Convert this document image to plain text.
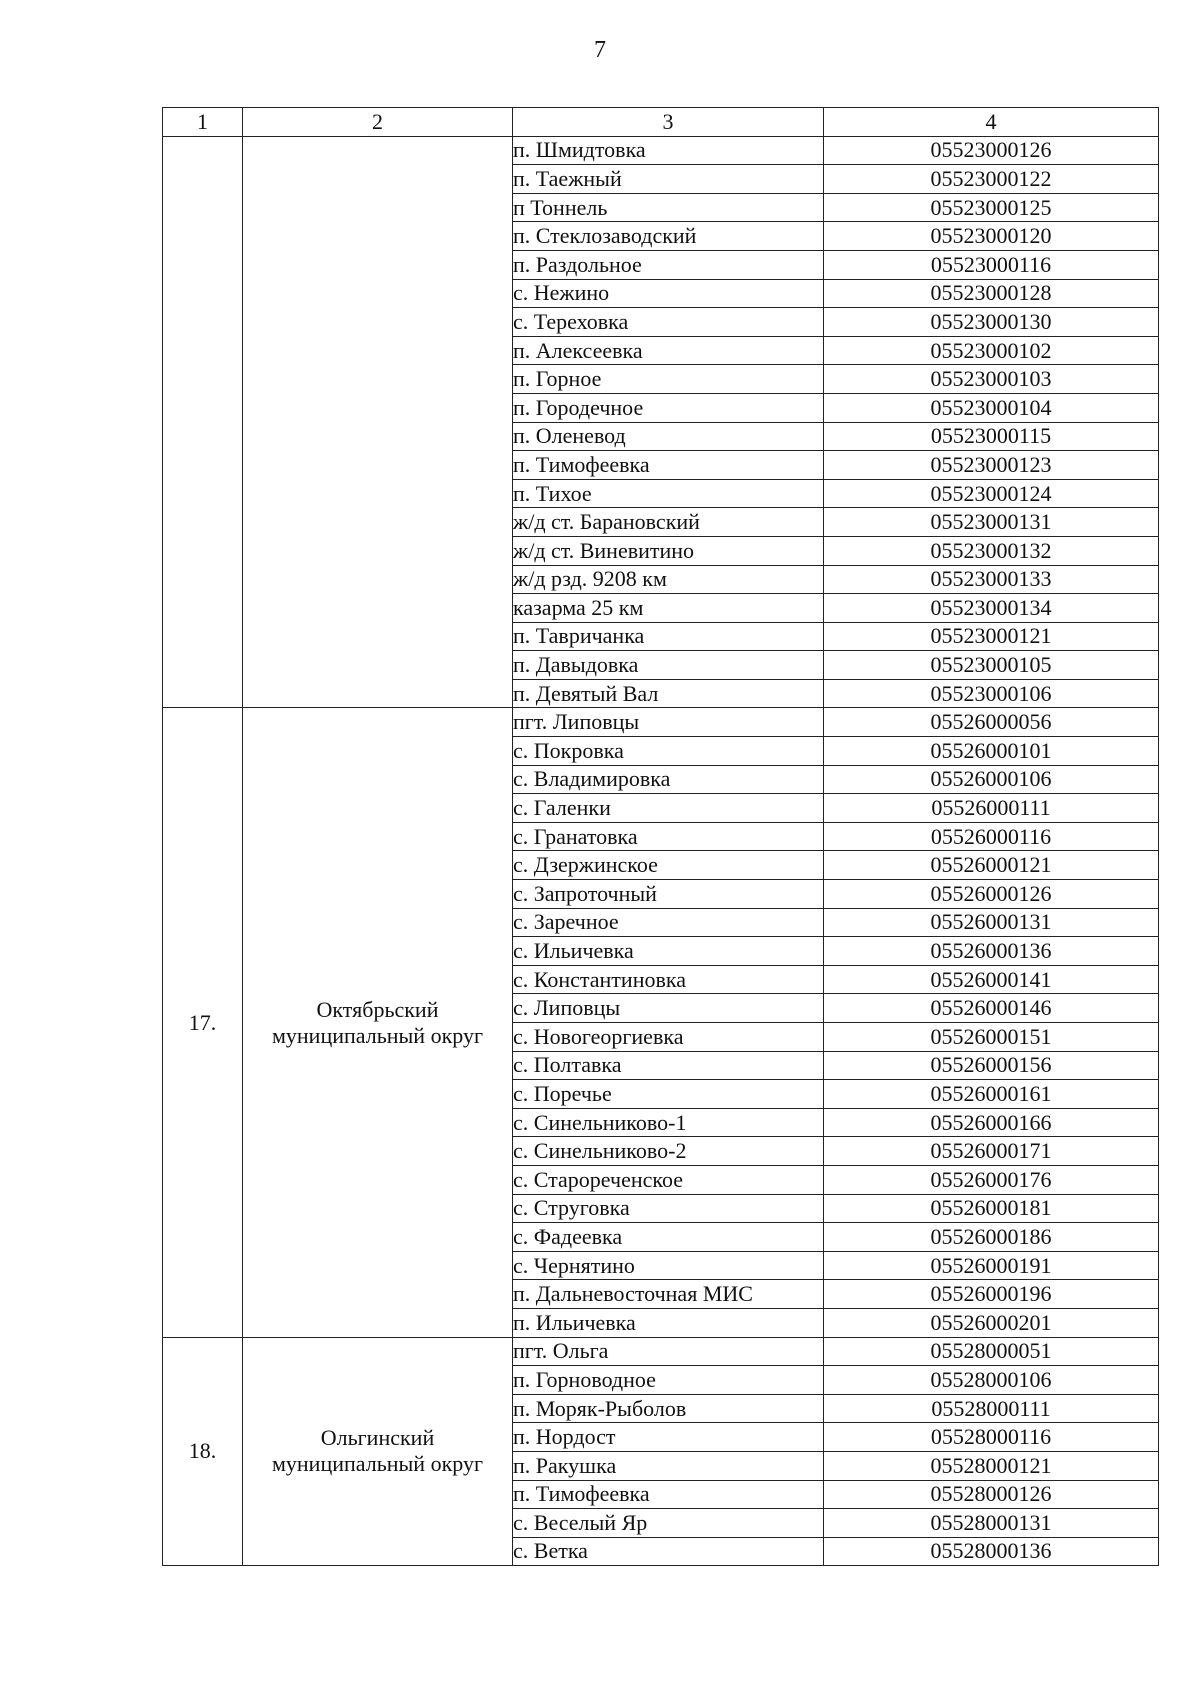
7
1	2	3	4
		п. Шмидтовка	05523000126
		п. Таежный	05523000122
		п Тоннель	05523000125
		п. Стеклозаводский	05523000120
		п. Раздольное	05523000116
		с. Нежино	05523000128
		с. Тереховка	05523000130
		п. Алексеевка	05523000102
		п. Горное	05523000103
		п. Городечное	05523000104
		п. Оленевод	05523000115
		п. Тимофеевка	05523000123
		п. Тихое	05523000124
		ж/д ст. Барановский	05523000131
		ж/д ст. Виневитино	05523000132
		ж/д рзд. 9208 км	05523000133
		казарма 25 км	05523000134
		п. Тавричанка	05523000121
		п. Давыдовка	05523000105
		п. Девятый Вал	05523000106
17.	Октябрьский муниципальный округ	пгт. Липовцы	05526000056
		с. Покровка	05526000101
		с. Владимировка	05526000106
		с. Галенки	05526000111
		с. Гранатовка	05526000116
		с. Дзержинское	05526000121
		с. Запроточный	05526000126
		с. Заречное	05526000131
		с. Ильичевка	05526000136
		с. Константиновка	05526000141
		с. Липовцы	05526000146
		с. Новогеоргиевка	05526000151
		с. Полтавка	05526000156
		с. Поречье	05526000161
		с. Синельниково-1	05526000166
		с. Синельниково-2	05526000171
		с. Старореченское	05526000176
		с. Струговка	05526000181
		с. Фадеевка	05526000186
		с. Чернятино	05526000191
		п. Дальневосточная МИС	05526000196
		п. Ильичевка	05526000201
18.	Ольгинский муниципальный округ	пгт. Ольга	05528000051
		п. Горноводное	05528000106
		п. Моряк-Рыболов	05528000111
		п. Нордост	05528000116
		п. Ракушка	05528000121
		п. Тимофеевка	05528000126
		с. Веселый Яр	05528000131
		с. Ветка	05528000136
